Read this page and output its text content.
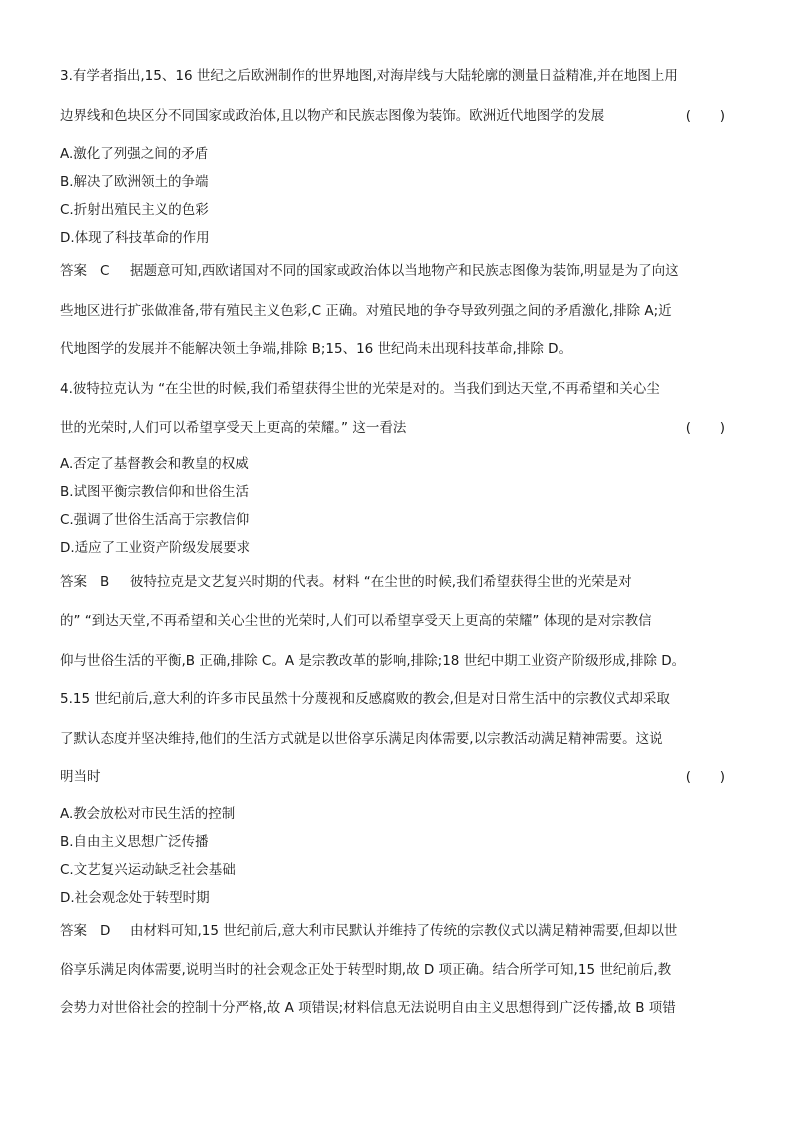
3.有学者指出,15、16 世纪之后欧洲制作的世界地图,对海岸线与大陆轮廓的测量日益精准,并在地图上用
边界线和色块区分不同国家或政治体,且以物产和民族志图像为装饰。欧洲近代地图学的发展	( )
A.激化了列强之间的矛盾
B.解决了欧洲领土的争端
C.折射出殖民主义的色彩
D.体现了科技革命的作用
答案 C 据题意可知,西欧诸国对不同的国家或政治体以当地物产和民族志图像为装饰,明显是为了向这
些地区进行扩张做准备,带有殖民主义色彩,C 正确。对殖民地的争夺导致列强之间的矛盾激化,排除 A;近
代地图学的发展并不能解决领土争端,排除 B;15、16 世纪尚未出现科技革命,排除 D。
4.彼特拉克认为 “在尘世的时候,我们希望获得尘世的光荣是对的。当我们到达天堂,不再希望和关心尘
世的光荣时,人们可以希望享受天上更高的荣耀。” 这一看法	( )
A.否定了基督教会和教皇的权威
B.试图平衡宗教信仰和世俗生活
C.强调了世俗生活高于宗教信仰
D.适应了工业资产阶级发展要求
答案 B 彼特拉克是文艺复兴时期的代表。材料 “在尘世的时候,我们希望获得尘世的光荣是对
的” “到达天堂,不再希望和关心尘世的光荣时,人们可以希望享受天上更高的荣耀” 体现的是对宗教信
仰与世俗生活的平衡,B 正确,排除 C。A 是宗教改革的影响,排除;18 世纪中期工业资产阶级形成,排除 D。
5.15 世纪前后,意大利的许多市民虽然十分蔑视和反感腐败的教会,但是对日常生活中的宗教仪式却采取
了默认态度并坚决维持,他们的生活方式就是以世俗享乐满足肉体需要,以宗教活动满足精神需要。这说
明当时	( )
A.教会放松对市民生活的控制
B.自由主义思想广泛传播
C.文艺复兴运动缺乏社会基础
D.社会观念处于转型时期
答案 D 由材料可知,15 世纪前后,意大利市民默认并维持了传统的宗教仪式以满足精神需要,但却以世
俗享乐满足肉体需要,说明当时的社会观念正处于转型时期,故 D 项正确。结合所学可知,15 世纪前后,教
会势力对世俗社会的控制十分严格,故 A 项错误;材料信息无法说明自由主义思想得到广泛传播,故 B 项错
